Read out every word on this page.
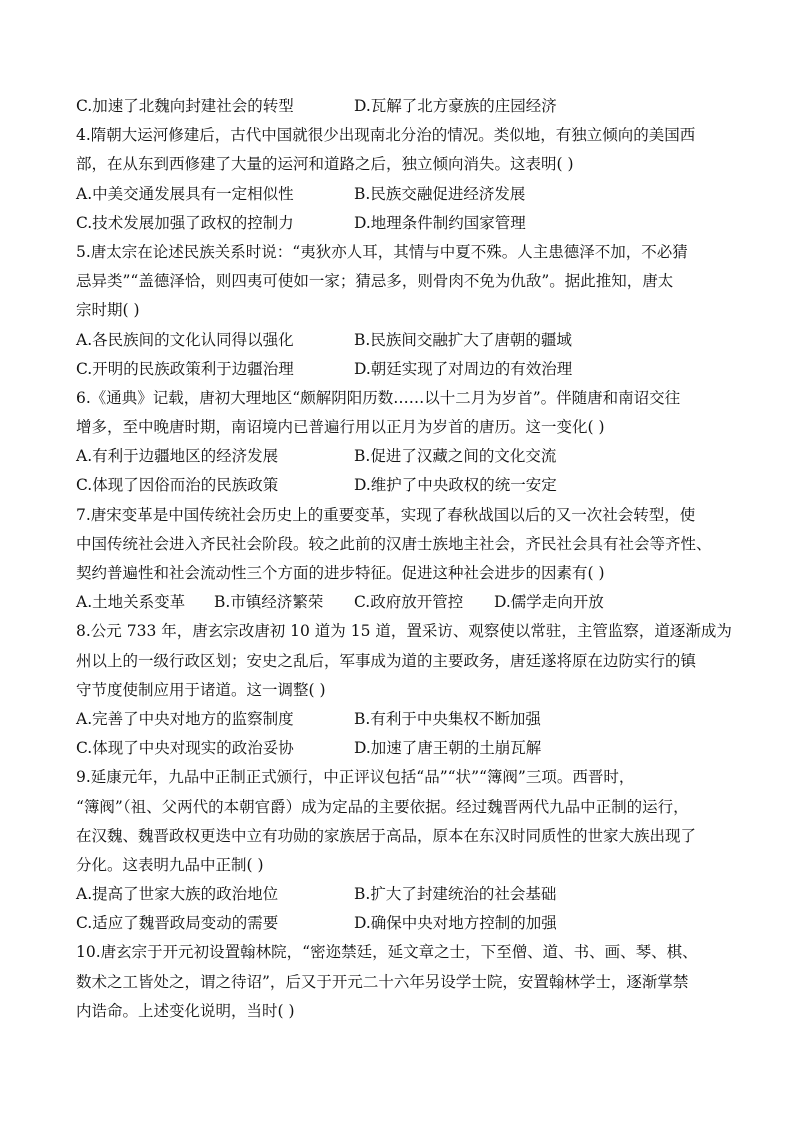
C.加速了北魏向封建社会的转型	D.瓦解了北方豪族的庄园经济
4.隋朝大运河修建后，古代中国就很少出现南北分治的情况。类似地，有独立倾向的美国西
部，在从东到西修建了大量的运河和道路之后，独立倾向消失。这表明( )
A.中美交通发展具有一定相似性	B.民族交融促进经济发展
C.技术发展加强了政权的控制力	D.地理条件制约国家管理
5.唐太宗在论述民族关系时说：“夷狄亦人耳，其情与中夏不殊。人主患德泽不加，不必猜
忌异类”“盖德泽恰，则四夷可使如一家；猜忌多，则骨肉不免为仇敌”。据此推知，唐太
宗时期( )
A.各民族间的文化认同得以强化	B.民族间交融扩大了唐朝的疆域
C.开明的民族政策利于边疆治理	D.朝廷实现了对周边的有效治理
6.《通典》记载，唐初大理地区“颇解阴阳历数……以十二月为岁首”。伴随唐和南诏交往
增多，至中晚唐时期，南诏境内已普遍行用以正月为岁首的唐历。这一变化( )
A.有利于边疆地区的经济发展	B.促进了汉藏之间的文化交流
C.体现了因俗而治的民族政策	D.维护了中央政权的统一安定
7.唐宋变革是中国传统社会历史上的重要变革，实现了春秋战国以后的又一次社会转型，使
中国传统社会进入齐民社会阶段。较之此前的汉唐士族地主社会，齐民社会具有社会等齐性、
契约普遍性和社会流动性三个方面的进步特征。促进这种社会进步的因素有( )
A.土地关系变革 B.市镇经济繁荣 C.政府放开管控 D.儒学走向开放
8.公元 733 年，唐玄宗改唐初 10 道为 15 道，置采访、观察使以常驻，主管监察，道逐渐成为
州以上的一级行政区划；安史之乱后，军事成为道的主要政务，唐廷遂将原在边防实行的镇
守节度使制应用于诸道。这一调整( )
A.完善了中央对地方的监察制度	B.有利于中央集权不断加强
C.体现了中央对现实的政治妥协	D.加速了唐王朝的土崩瓦解
9.延康元年，九品中正制正式颁行，中正评议包括“品”“状”“簿阀”三项。西晋时，
“簿阀”（祖、父两代的本朝官爵）成为定品的主要依据。经过魏晋两代九品中正制的运行，
在汉魏、魏晋政权更迭中立有功勋的家族居于高品，原本在东汉时同质性的世家大族出现了
分化。这表明九品中正制( )
A.提高了世家大族的政治地位	B.扩大了封建统治的社会基础
C.适应了魏晋政局变动的需要	D.确保中央对地方控制的加强
10.唐玄宗于开元初设置翰林院，“密迩禁廷，延文章之士，下至僧、道、书、画、琴、棋、
数术之工皆处之，谓之待诏”，后又于开元二十六年另设学士院，安置翰林学士，逐渐掌禁
内诰命。上述变化说明，当时( )
